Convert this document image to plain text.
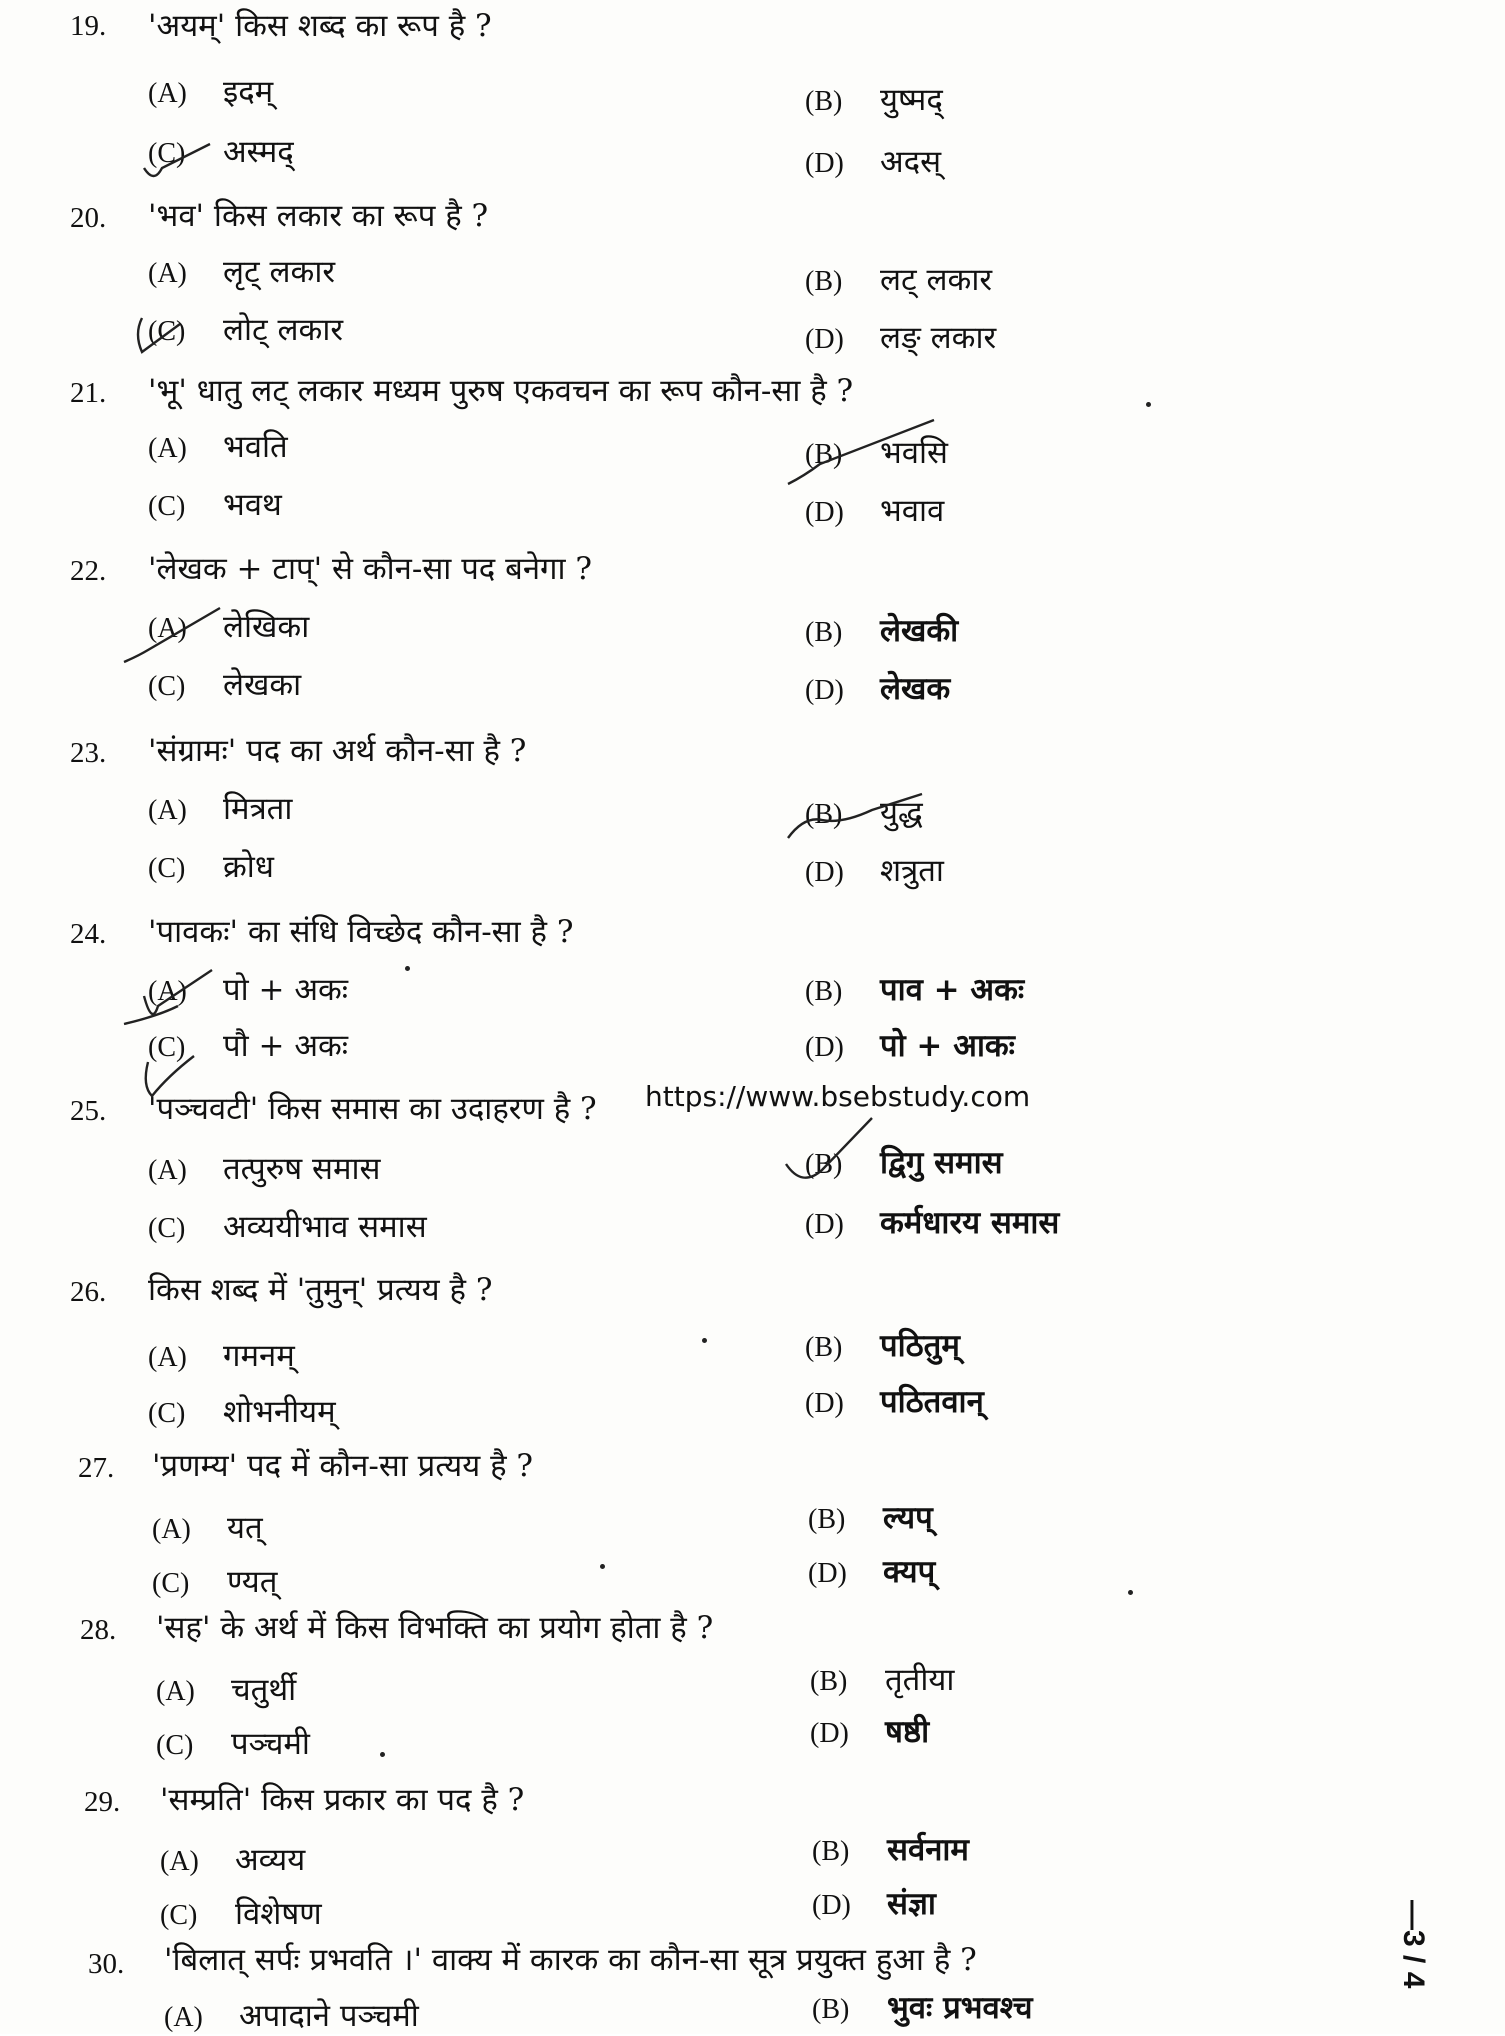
19. 'अयम्' किस शब्द का रूप है ?
(A) इदम्	(B) युष्मद्
(C) अस्मद्	(D) अदस्
20. 'भव' किस लकार का रूप है ?
(A) लृट् लकार	(B) लट् लकार
(C) लोट् लकार	(D) लङ् लकार
21. 'भू' धातु लट् लकार मध्यम पुरुष एकवचन का रूप कौन-सा है ?
(A) भवति	(B) भवसि
(C) भवथ	(D) भवाव
22. 'लेखक + टाप्' से कौन-सा पद बनेगा ?
(A) लेखिका	(B) लेखकी
(C) लेखका	(D) लेखक
23. 'संग्रामः' पद का अर्थ कौन-सा है ?
(A) मित्रता	(B) युद्ध
(C) क्रोध	(D) शत्रुता
24. 'पावकः' का संधि विच्छेद कौन-सा है ?
(A) पो + अकः	(B) पाव + अकः
(C) पौ + अकः	(D) पो + आकः
25. 'पञ्चवटी' किस समास का उदाहरण है ?
(A) तत्पुरुष समास	(B) द्विगु समास
(C) अव्ययीभाव समास	(D) कर्मधारय समास
26. किस शब्द में 'तुमुन्' प्रत्यय है ?
(A) गमनम्	(B) पठितुम्
(C) शोभनीयम्	(D) पठितवान्
27. 'प्रणम्य' पद में कौन-सा प्रत्यय है ?
(A) यत्	(B) ल्यप्
(C) ण्यत्	(D) क्यप्
28. 'सह' के अर्थ में किस विभक्ति का प्रयोग होता है ?
(A) चतुर्थी	(B) तृतीया
(C) पञ्चमी	(D) षष्ठी
29. 'सम्प्रति' किस प्रकार का पद है ?
(A) अव्यय	(B) सर्वनाम
(C) विशेषण	(D) संज्ञा
30. 'बिलात् सर्पः प्रभवति ।' वाक्य में कारक का कौन-सा सूत्र प्रयुक्त हुआ है ?
(A) अपादाने पञ्चमी	(B) भुवः प्रभवश्च
https://www.bsebstudy.com
—3 / 4
